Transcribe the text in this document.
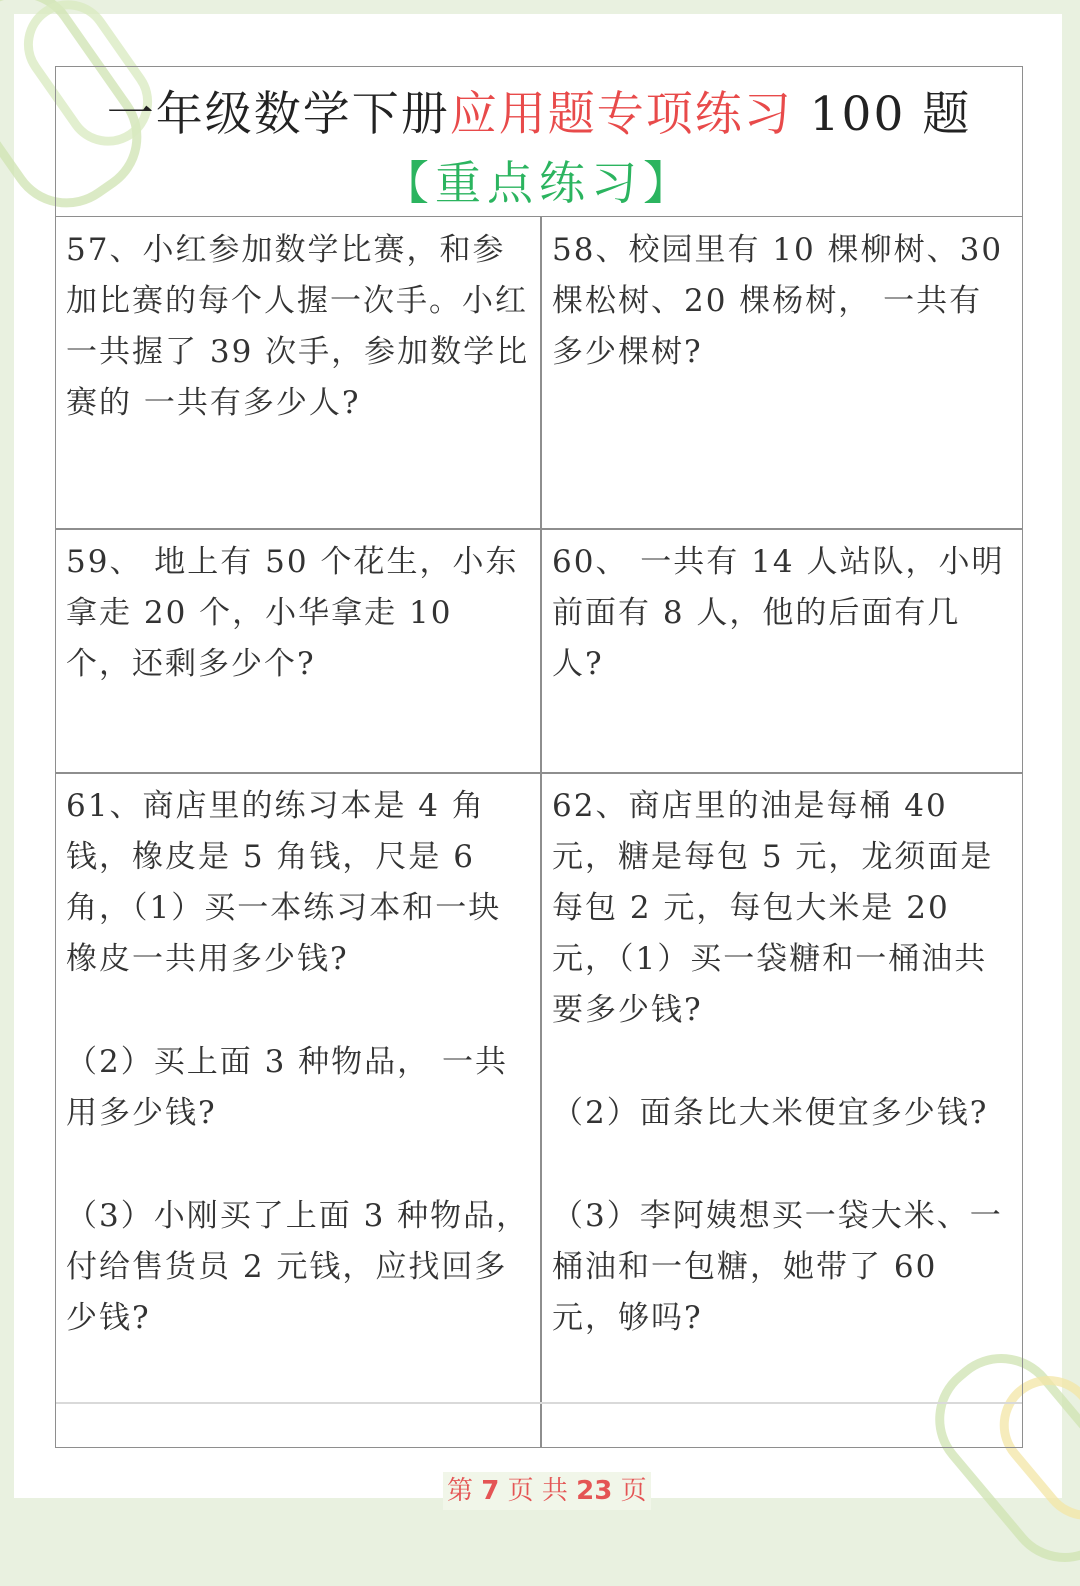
一年级数学下册应用题专项练习 100 题
【重点练习】

57、小红参加数学比赛，和参加比赛的每个人握一次手。小红一共握了 39 次手，参加数学比赛的 一共有多少人?

58、校园里有 10 棵柳树、30 棵松树、20 棵杨树， 一共有多少棵树?

59、 地上有 50 个花生，小东拿走 20 个，小华拿走 10 个，还剩多少个?

60、 一共有 14 人站队，小明前面有 8 人，他的后面有几人?

61、商店里的练习本是 4 角钱，橡皮是 5 角钱，尺是 6 角，（1）买一本练习本和一块橡皮一共用多少钱?

（2）买上面 3 种物品， 一共用多少钱?

（3）小刚买了上面 3 种物品，付给售货员 2 元钱，应找回多少钱?

62、商店里的油是每桶 40 元，糖是每包 5 元，龙须面是每包 2 元，每包大米是 20 元，（1）买一袋糖和一桶油共要多少钱?

（2）面条比大米便宜多少钱?

（3）李阿姨想买一袋大米、一桶油和一包糖，她带了 60 元，够吗?

第 7 页 共 23 页
